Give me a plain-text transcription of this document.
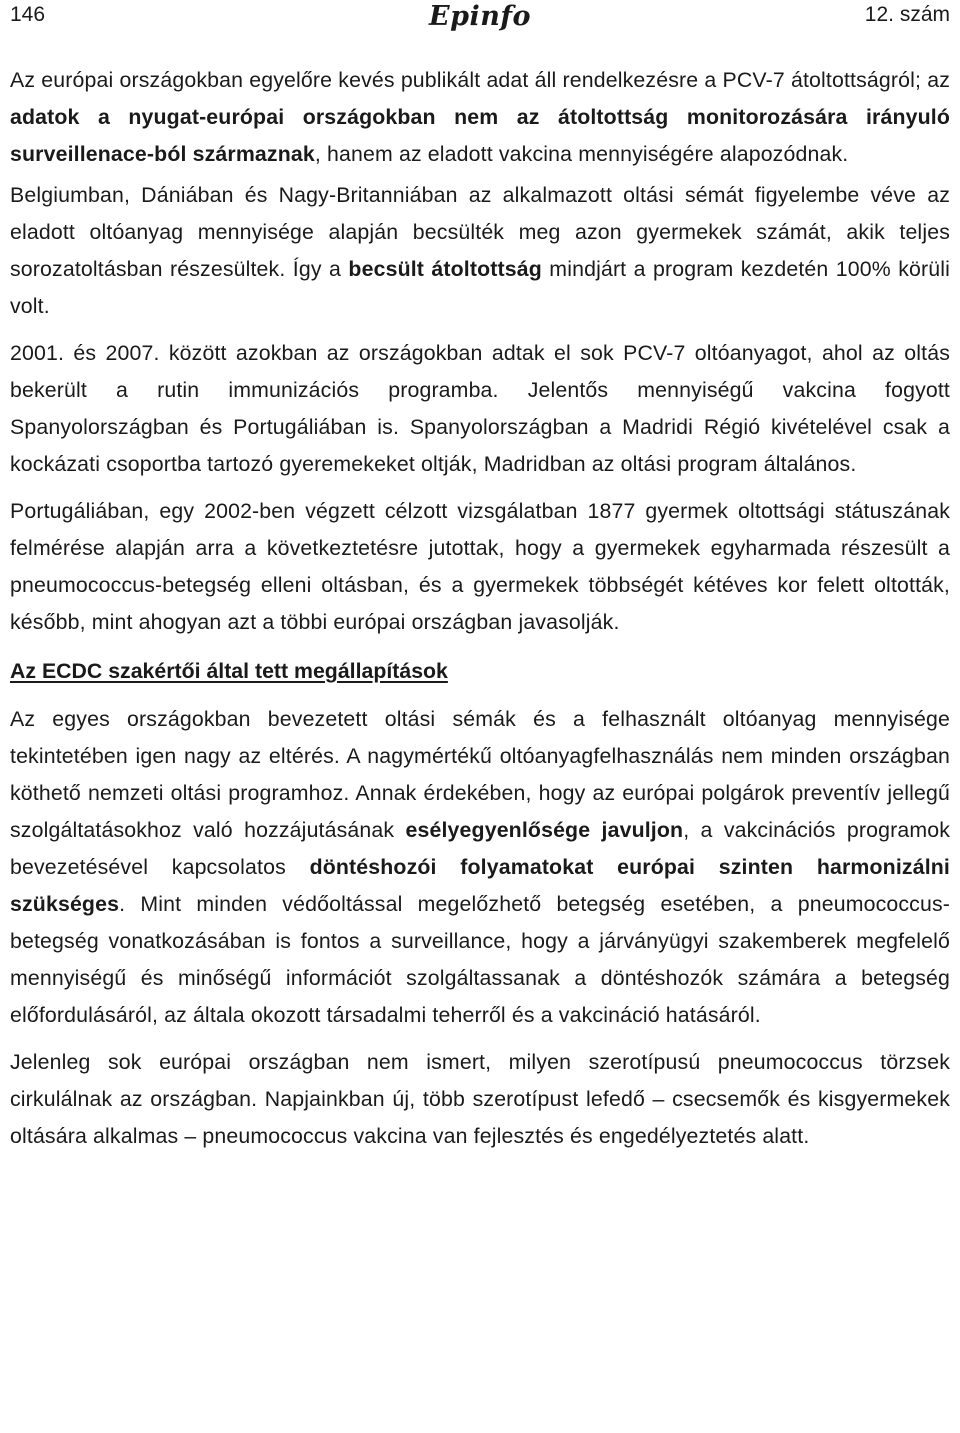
146	Epinfo	12. szám

Az európai országokban egyelőre kevés publikált adat áll rendelkezésre a PCV-7 átoltottságról; az adatok a nyugat-európai országokban nem az átoltottság monitorozására irányuló surveillenace-ból származnak, hanem az eladott vakcina mennyiségére alapozódnak.

Belgiumban, Dániában és Nagy-Britanniában az alkalmazott oltási sémát figyelembe véve az eladott oltóanyag mennyisége alapján becsülték meg azon gyermekek számát, akik teljes sorozatoltásban részesültek. Így a becsült átoltottság mindjárt a program kezdetén 100% körüli volt.

2001. és 2007. között azokban az országokban adtak el sok PCV-7 oltóanyagot, ahol az oltás bekerült a rutin immunizációs programba. Jelentős mennyiségű vakcina fogyott Spanyolországban és Portugáliában is. Spanyolországban a Madridi Régió kivételével csak a kockázati csoportba tartozó gyeremekeket oltják, Madridban az oltási program általános.

Portugáliában, egy 2002-ben végzett célzott vizsgálatban 1877 gyermek oltottsági státuszának felmérése alapján arra a következtetésre jutottak, hogy a gyermekek egyharmada részesült a pneumococcus-betegség elleni oltásban, és a gyermekek többségét kétéves kor felett oltották, később, mint ahogyan azt a többi európai országban javasolják.

Az ECDC szakértői által tett megállapítások

Az egyes országokban bevezetett oltási sémák és a felhasznált oltóanyag mennyisége tekintetében igen nagy az eltérés. A nagymértékű oltóanyagfelhasználás nem minden országban köthető nemzeti oltási programhoz. Annak érdekében, hogy az európai polgárok preventív jellegű szolgáltatásokhoz való hozzájutásának esélyegyenlősége javuljon, a vakcinációs programok bevezetésével kapcsolatos döntéshozói folyamatokat európai szinten harmonizálni szükséges. Mint minden védőoltással megelőzhető betegség esetében, a pneumococcus-betegség vonatkozásában is fontos a surveillance, hogy a járványügyi szakemberek megfelelő mennyiségű és minőségű információt szolgáltassanak a döntéshozók számára a betegség előfordulásáról, az általa okozott társadalmi teherről és a vakcináció hatásáról.

Jelenleg sok európai országban nem ismert, milyen szerotípusú pneumococcus törzsek cirkulálnak az országban. Napjainkban új, több szerotípust lefedő – csecsemők és kisgyermekek oltására alkalmas – pneumococcus vakcina van fejlesztés és engedélyeztetés alatt.
